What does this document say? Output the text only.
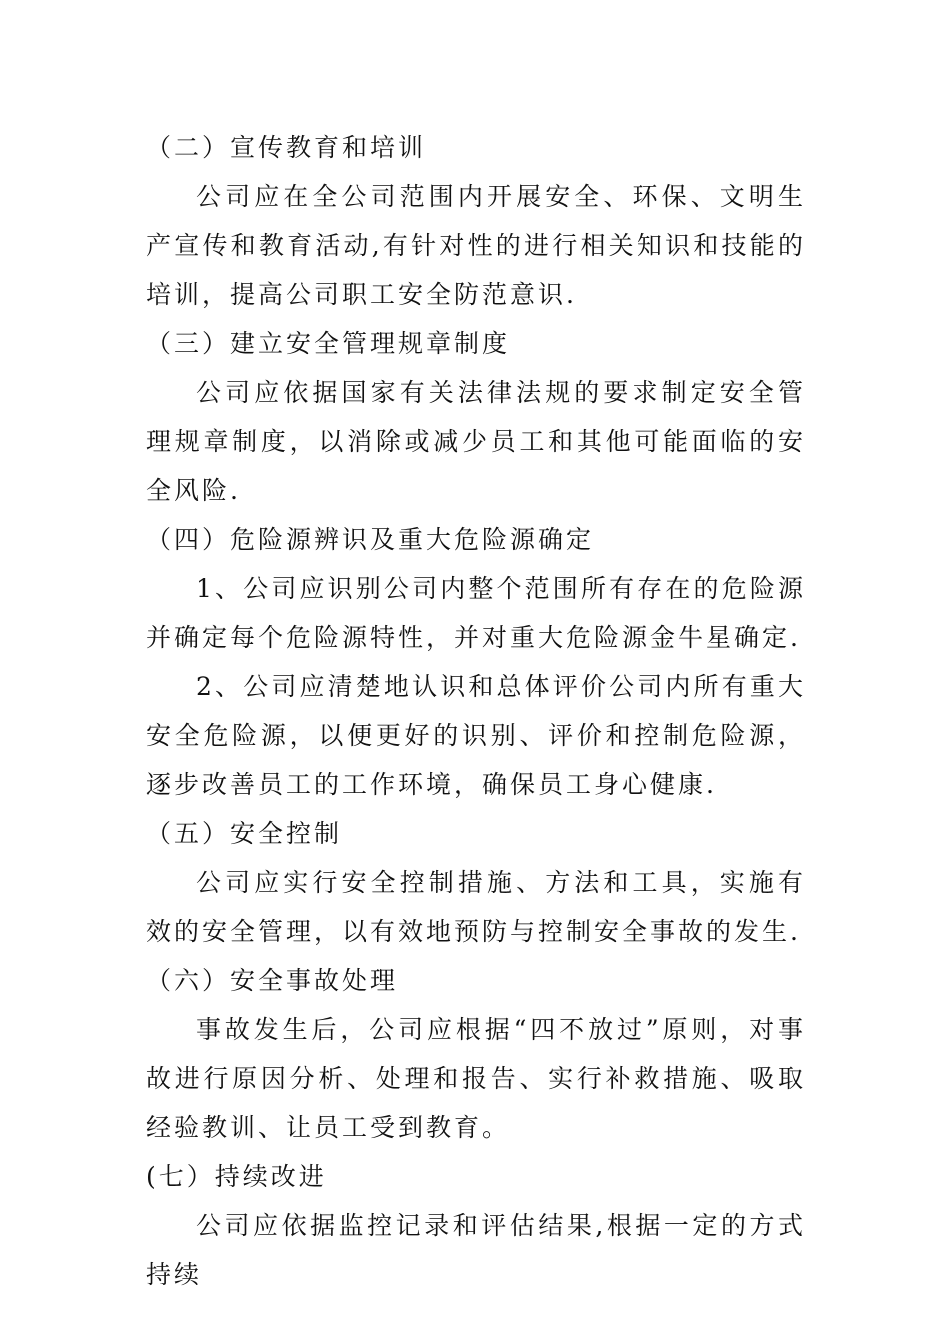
（二）宣传教育和培训

公司应在全公司范围内开展安全、环保、文明生产宣传和教育活动,有针对性的进行相关知识和技能的培训，提高公司职工安全防范意识.

（三）建立安全管理规章制度

公司应依据国家有关法律法规的要求制定安全管理规章制度，以消除或减少员工和其他可能面临的安全风险.

（四）危险源辨识及重大危险源确定

1、公司应识别公司内整个范围所有存在的危险源并确定每个危险源特性，并对重大危险源金牛星确定.

2、公司应清楚地认识和总体评价公司内所有重大安全危险源，以便更好的识别、评价和控制危险源，逐步改善员工的工作环境，确保员工身心健康.

（五）安全控制

公司应实行安全控制措施、方法和工具，实施有效的安全管理，以有效地预防与控制安全事故的发生.

（六）安全事故处理

事故发生后，公司应根据“四不放过”原则，对事故进行原因分析、处理和报告、实行补救措施、吸取经验教训、让员工受到教育。

(七）持续改进

公司应依据监控记录和评估结果,根据一定的方式持续
